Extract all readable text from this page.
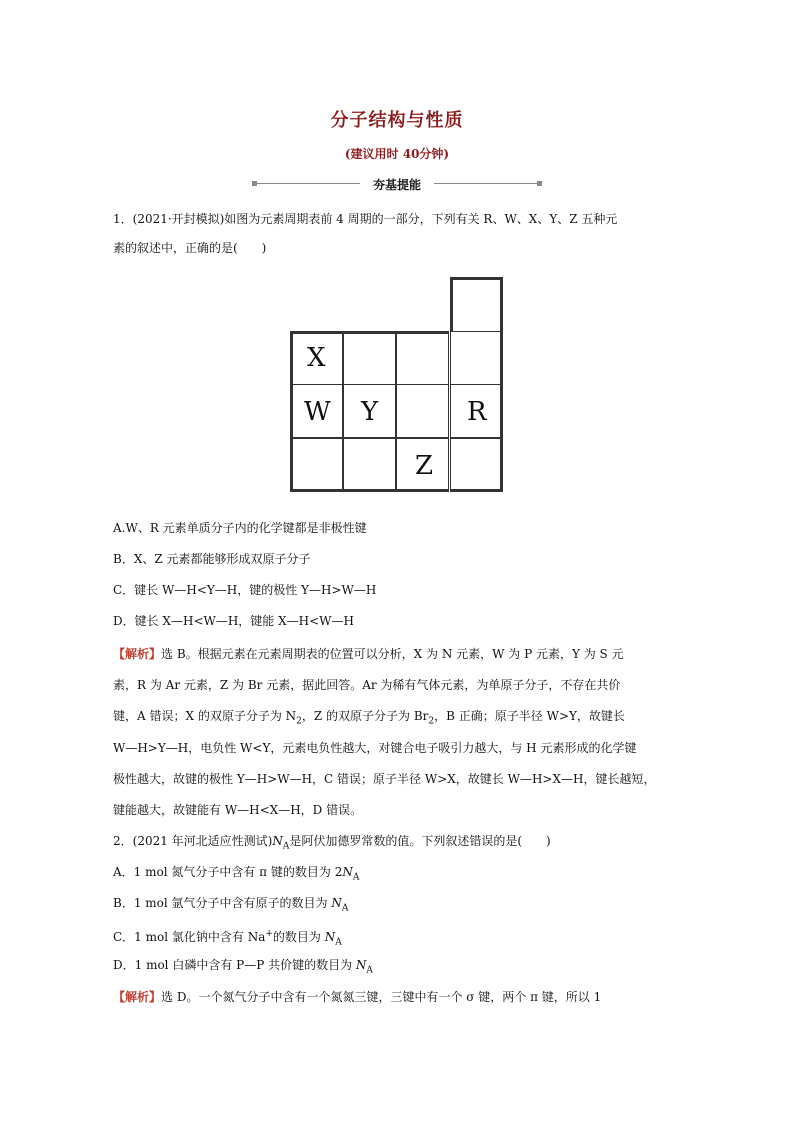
分子结构与性质
(建议用时 40分钟)
夯基提能
1．(2021·开封模拟)如图为元素周期表前 4 周期的一部分，下列有关 R、W、X、Y、Z 五种元
素的叙述中，正确的是(　　)
X
W Y	R
Z
A.W、R 元素单质分子内的化学键都是非极性键
B．X、Z 元素都能够形成双原子分子
C．键长 W—H<Y—H，键的极性 Y—H>W—H
D．键长 X—H<W—H，键能 X—H<W—H
【解析】选 B。根据元素在元素周期表的位置可以分析，X 为 N 元素，W 为 P 元素，Y 为 S 元
素，R 为 Ar 元素，Z 为 Br 元素，据此回答。Ar 为稀有气体元素，为单原子分子，不存在共价
键，A 错误；X 的双原子分子为 $N_2$，Z 的双原子分子为 $Br_2$，B 正确；原子半径 W>Y，故键长
W—H>Y—H，电负性 W<Y，元素电负性越大，对键合电子吸引力越大，与 H 元素形成的化学键
极性越大，故键的极性 Y—H>W—H，C 错误；原子半径 W>X，故键长 W—H>X—H，键长越短，
键能越大，故键能有 W—H<X—H，D 错误。
2．(2021 年河北适应性测试)$N_A$是阿伏加德罗常数的值。下列叙述错误的是(　　)
A．1 mol 氮气分子中含有 π 键的数目为 $2N_A$
B．1 mol 氩气分子中含有原子的数目为 $N_A$
C．1 mol 氯化钠中含有 Na+的数目为 $N_A$
D．1 mol 白磷中含有 P—P 共价键的数目为 $N_A$
【解析】选 D。一个氮气分子中含有一个氮氮三键，三键中有一个 σ 键，两个 π 键，所以 1
